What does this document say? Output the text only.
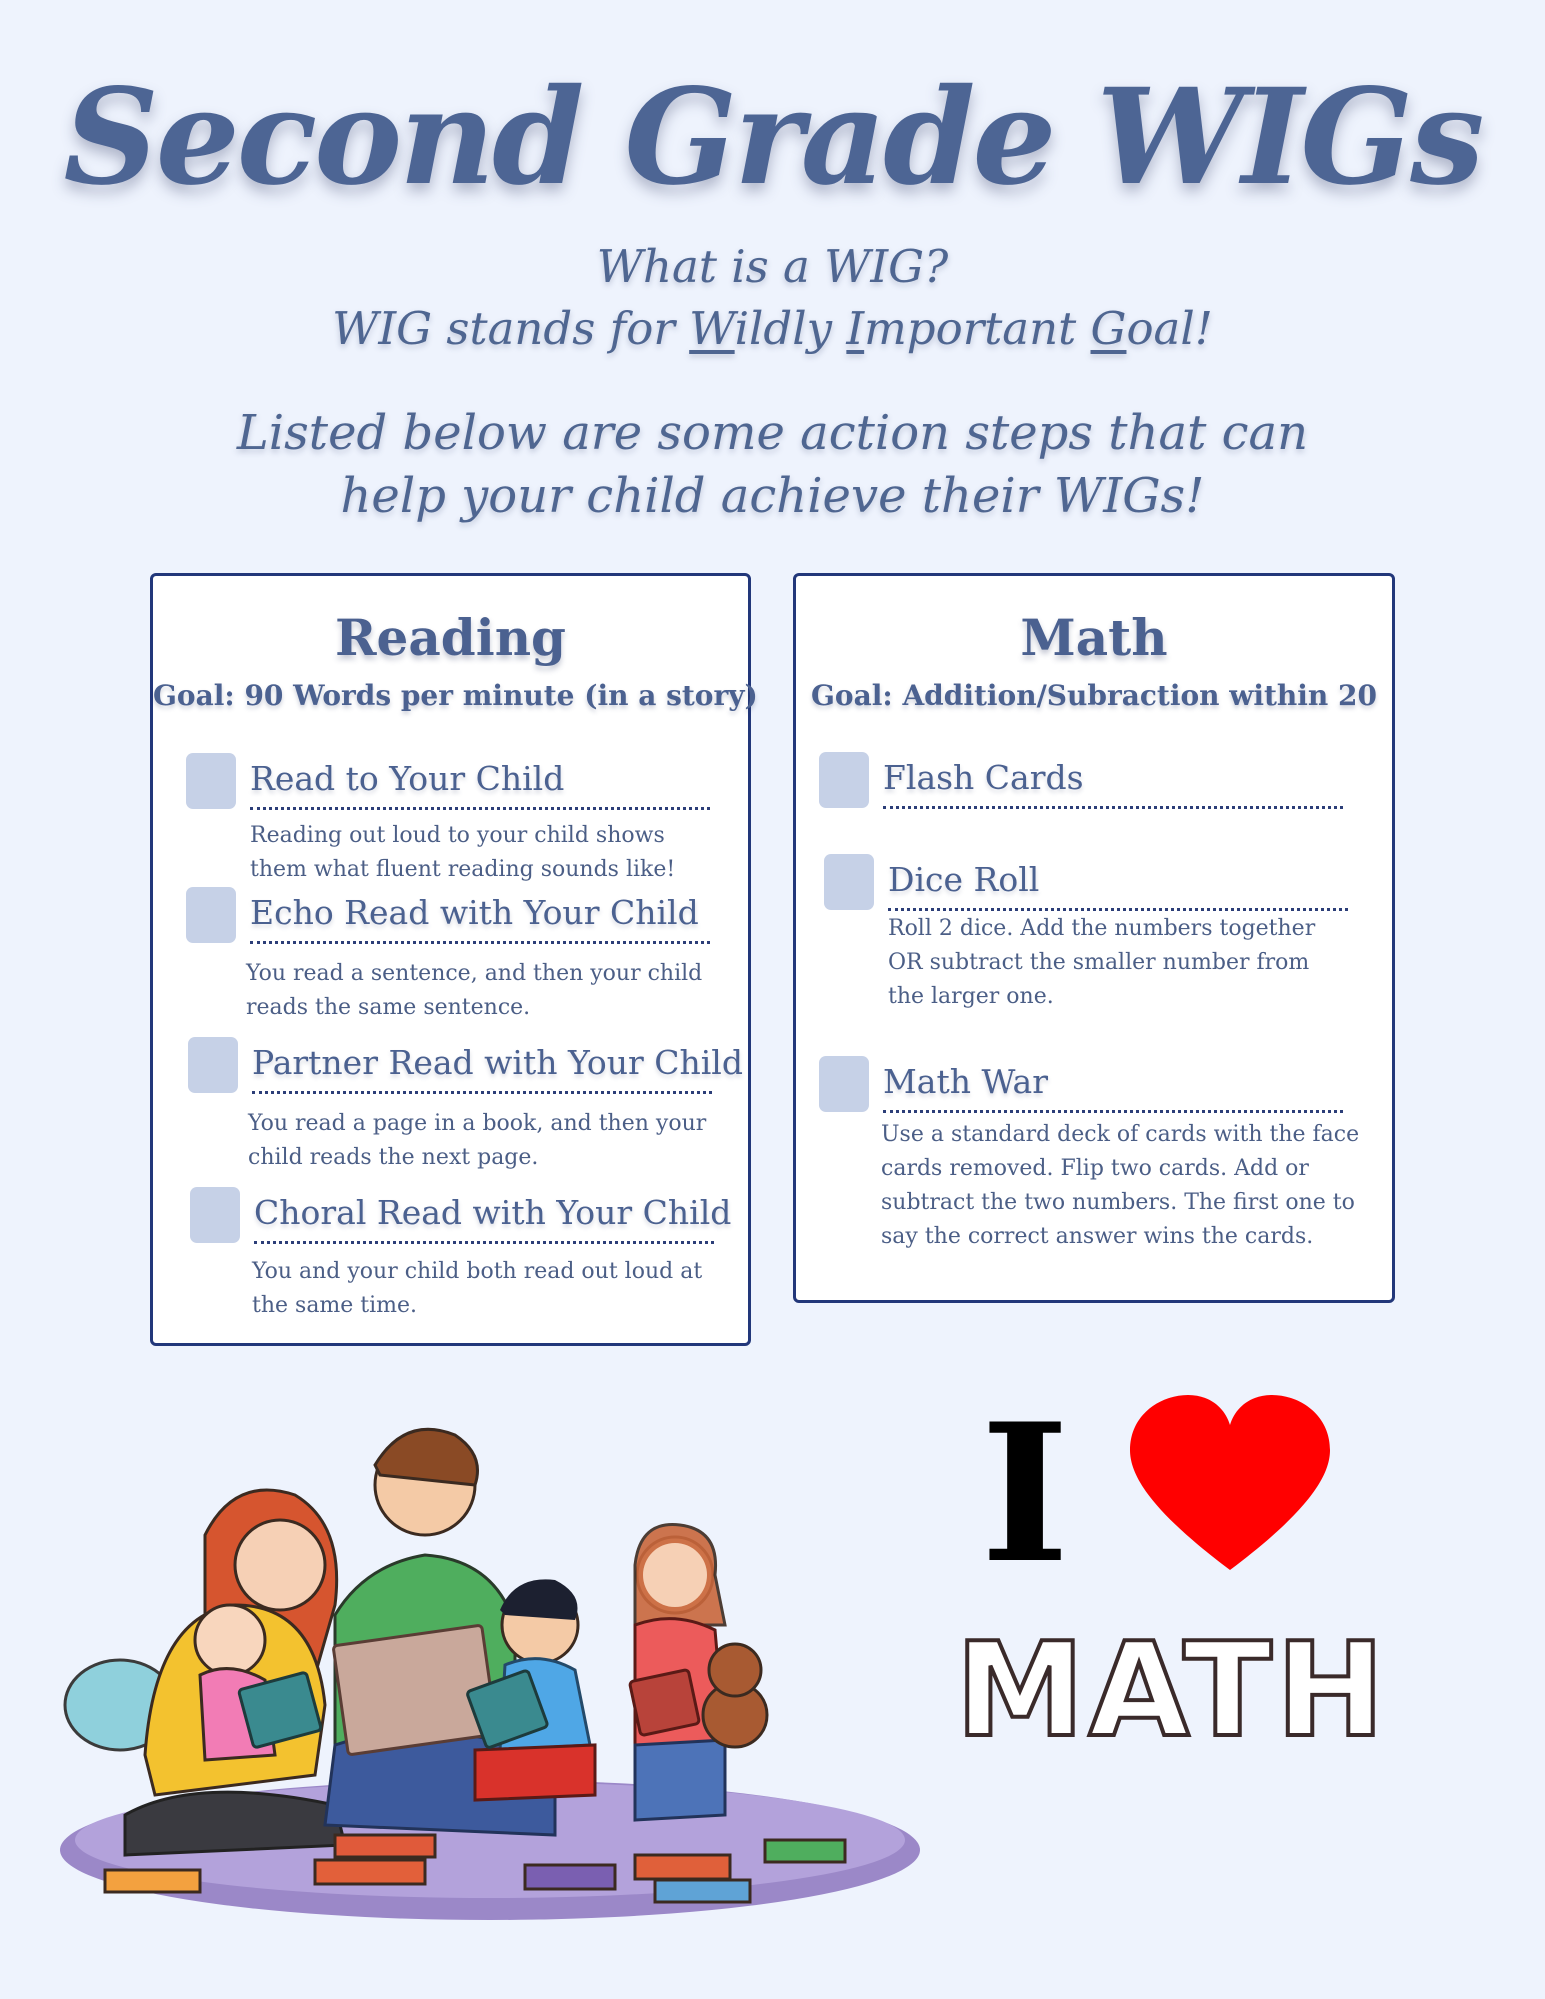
Second Grade WIGs
What is a WIG?
WIG stands for Wildly Important Goal!
Listed below are some action steps that can
help your child achieve their WIGs!
Reading
Goal: 90 Words per minute (in a story)
Read to Your Child
Reading out loud to your child shows them what fluent reading sounds like!
Echo Read with Your Child
You read a sentence, and then your child reads the same sentence.
Partner Read with Your Child
You read a page in a book, and then your child reads the next page.
Choral Read with Your Child
You and your child both read out loud at the same time.
Math
Goal: Addition/Subraction within 20
Flash Cards
Dice Roll
Roll 2 dice. Add the numbers together OR subtract the smaller number from the larger one.
Math War
Use a standard deck of cards with the face cards removed. Flip two cards. Add or subtract the two numbers. The first one to say the correct answer wins the cards.
I
MATH
